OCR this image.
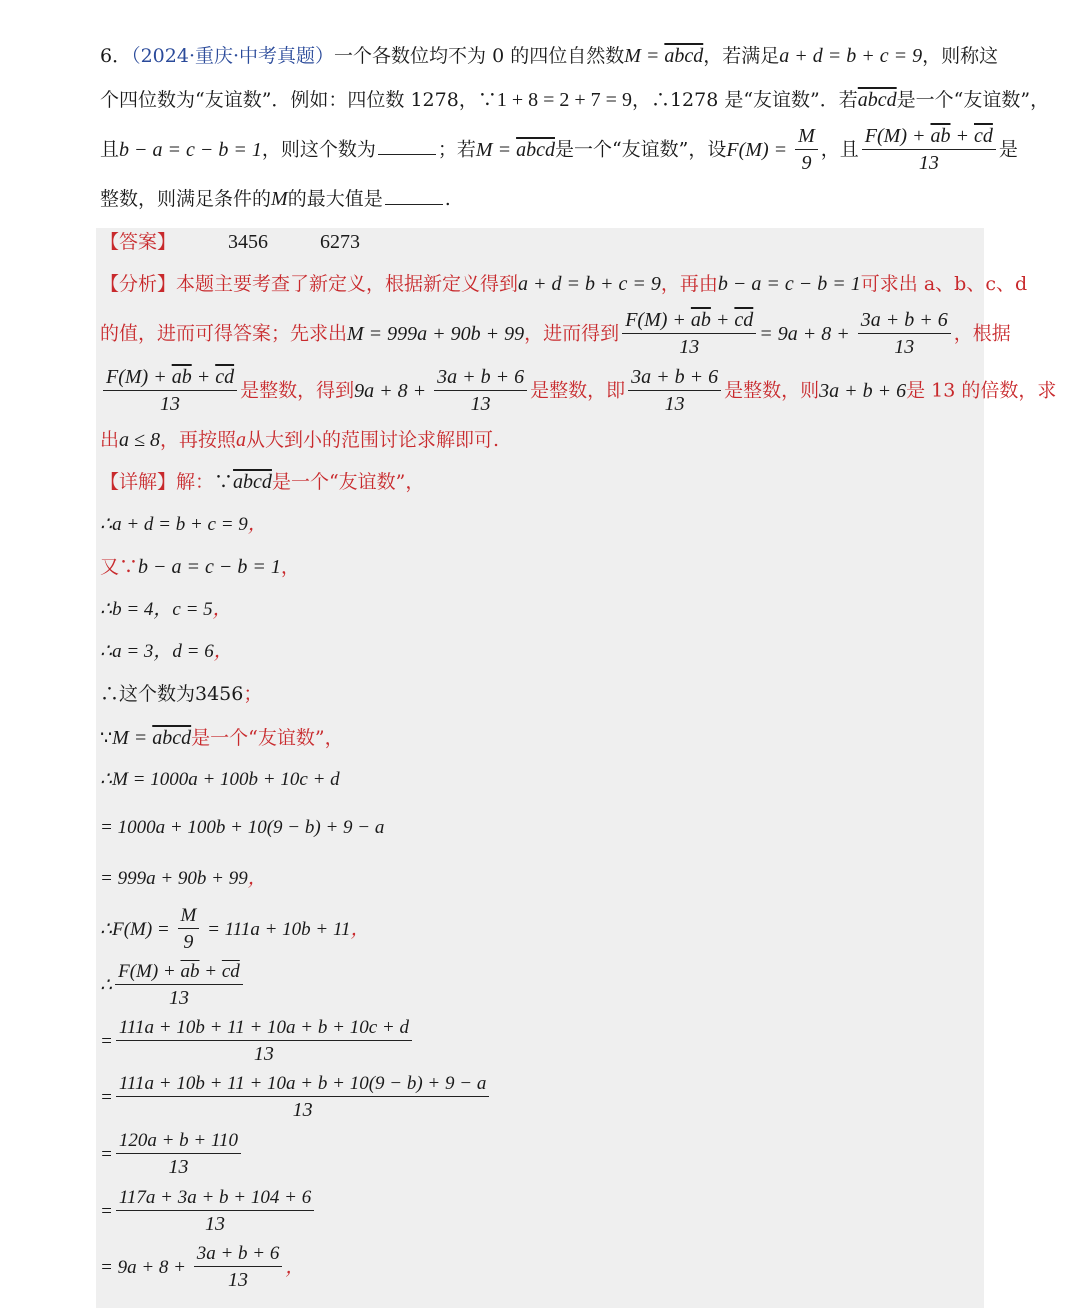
6．（2024·重庆·中考真题）一个各数位均不为 0 的四位自然数M = abcd，若满足a + d = b + c = 9，则称这
个四位数为“友谊数”．例如：四位数 1278，∵1 + 8 = 2 + 7 = 9，∴1278 是“友谊数”．若abcd是一个“友谊数”，
且b − a = c − b = 1，则这个数为	；若M = abcd是一个“友谊数”，设$F(M) = \frac{M}{9}$ ，且 $\frac{F(M) + \overline{ab} + \overline{cd}}{13}$ 是
整数，则满足条件的M的最大值是	.
【答案】	3456	6273
【分析】本题主要考查了新定义，根据新定义得到a + d = b + c = 9，再由b − a = c − b = 1可求出 a、b、c、d
的值，进而可得答案；先求出M = 999a + 90b + 99，进而得到 $\frac{F(M) + \overline{ab} + \overline{cd}}{13} = 9a + 8 + \frac{3a + b + 6}{13}$ ，根据
$\frac{F(M) + \overline{ab} + \overline{cd}}{13}$ 是整数，得到$9a + 8 + \frac{3a + b + 6}{13}$ 是整数，即 $\frac{3a + b + 6}{13}$ 是整数，则3a + b + 6是 13 的倍数，求
出a ≤ 8，再按照a从大到小的范围讨论求解即可.
【详解】解：∵abcd是一个“友谊数”，
∴a + d = b + c = 9，
又∵b − a = c − b = 1，
∴b = 4，c = 5，
∴a = 3，d = 6，
∴这个数为3456；
∵M = abcd是一个“友谊数”，
∴M = 1000a + 100b + 10c + d
= 1000a + 100b + 10(9 − b) + 9 − a
= 999a + 90b + 99，
∴F(M) = $\frac{M}{9} = 111a + 10b + 11$，
∴ $\frac{F(M) + \overline{ab} + \overline{cd}}{13}$
= $\frac{111a + 10b + 11 + 10a + b + 10c + d}{13}$
= $\frac{111a + 10b + 11 + 10a + b + 10(9 - b) + 9 - a}{13}$
= $\frac{120a + b + 110}{13}$
= $\frac{117a + 3a + b + 104 + 6}{13}$
= $9a + 8 + \frac{3a + b + 6}{13}$ ，
